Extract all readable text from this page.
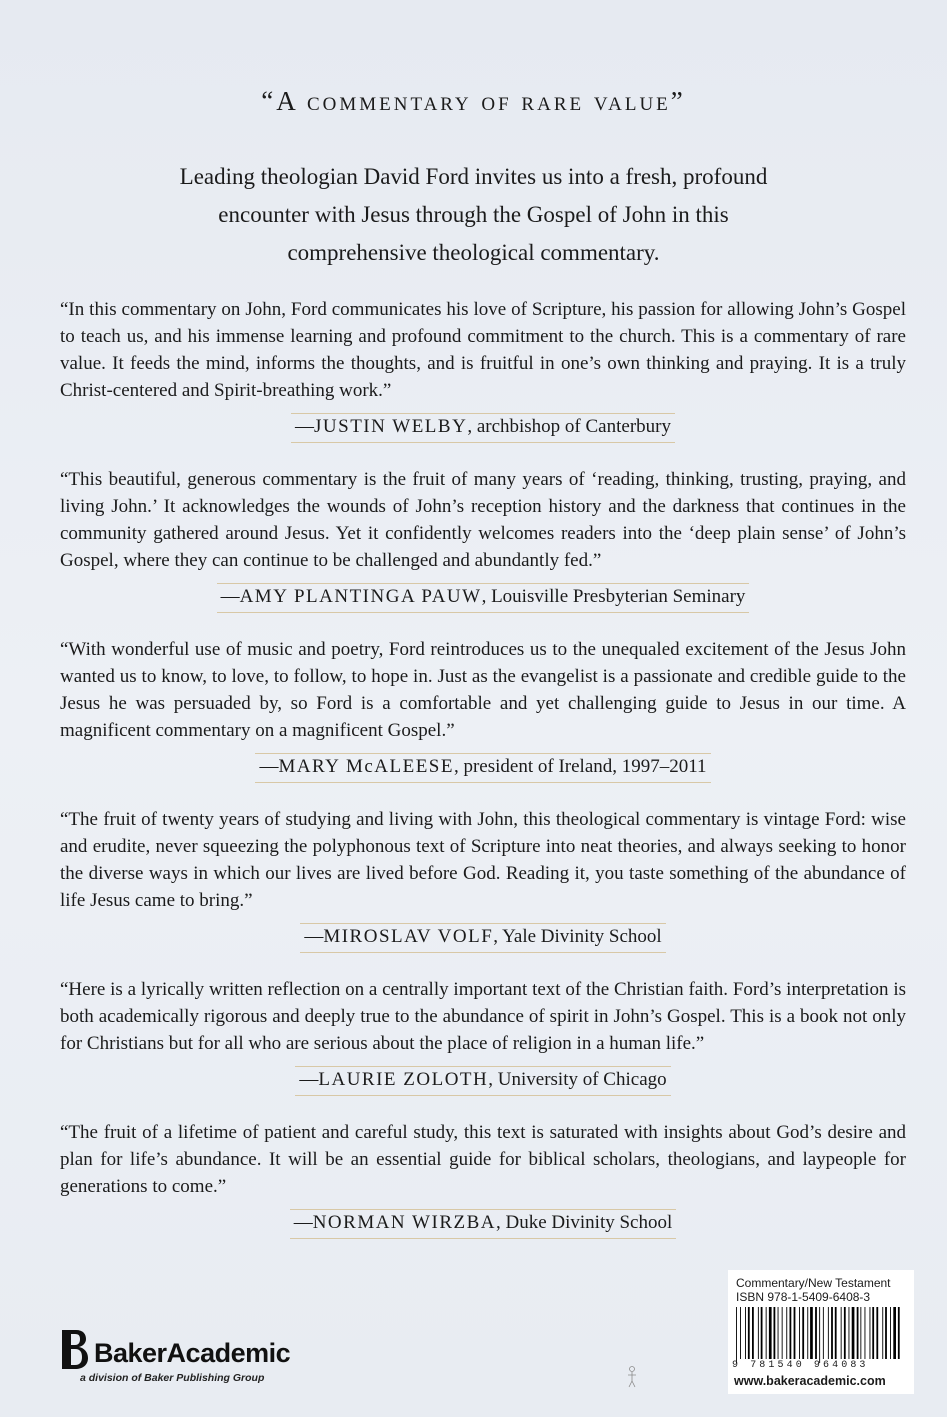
“A commentary of rare value”
Leading theologian David Ford invites us into a fresh, profound encounter with Jesus through the Gospel of John in this comprehensive theological commentary.

“In this commentary on John, Ford communicates his love of Scripture, his passion for allowing John’s Gospel to teach us, and his immense learning and profound commitment to the church. This is a commentary of rare value. It feeds the mind, informs the thoughts, and is fruitful in one’s own thinking and praying. It is a truly Christ-centered and Spirit-breathing work.”

—JUSTIN WELBY, archbishop of Canterbury

“This beautiful, generous commentary is the fruit of many years of ‘reading, thinking, trusting, praying, and living John.’ It acknowledges the wounds of John’s reception history and the darkness that continues in the community gathered around Jesus. Yet it confidently welcomes readers into the ‘deep plain sense’ of John’s Gospel, where they can continue to be challenged and abundantly fed.”

—AMY PLANTINGA PAUW, Louisville Presbyterian Seminary

“With wonderful use of music and poetry, Ford reintroduces us to the unequaled excitement of the Jesus John wanted us to know, to love, to follow, to hope in. Just as the evangelist is a passionate and credible guide to the Jesus he was persuaded by, so Ford is a comfortable and yet challenging guide to Jesus in our time. A magnificent commentary on a magnificent Gospel.”

—MARY McALEESE, president of Ireland, 1997–2011

“The fruit of twenty years of studying and living with John, this theological commentary is vintage Ford: wise and erudite, never squeezing the polyphonous text of Scripture into neat theories, and always seeking to honor the diverse ways in which our lives are lived before God. Reading it, you taste something of the abundance of life Jesus came to bring.”

—MIROSLAV VOLF, Yale Divinity School

“Here is a lyrically written reflection on a centrally important text of the Christian faith. Ford’s interpretation is both academically rigorous and deeply true to the abundance of spirit in John’s Gospel. This is a book not only for Christians but for all who are serious about the place of religion in a human life.”

—LAURIE ZOLOTH, University of Chicago

“The fruit of a lifetime of patient and careful study, this text is saturated with insights about God’s desire and plan for life’s abundance. It will be an essential guide for biblical scholars, theologians, and laypeople for generations to come.”

—NORMAN WIRZBA, Duke Divinity School
BakerAcademic
a division of Baker Publishing Group
Commentary/New Testament
ISBN 978-1-5409-6408-3
9 781540 964083
www.bakeracademic.com
